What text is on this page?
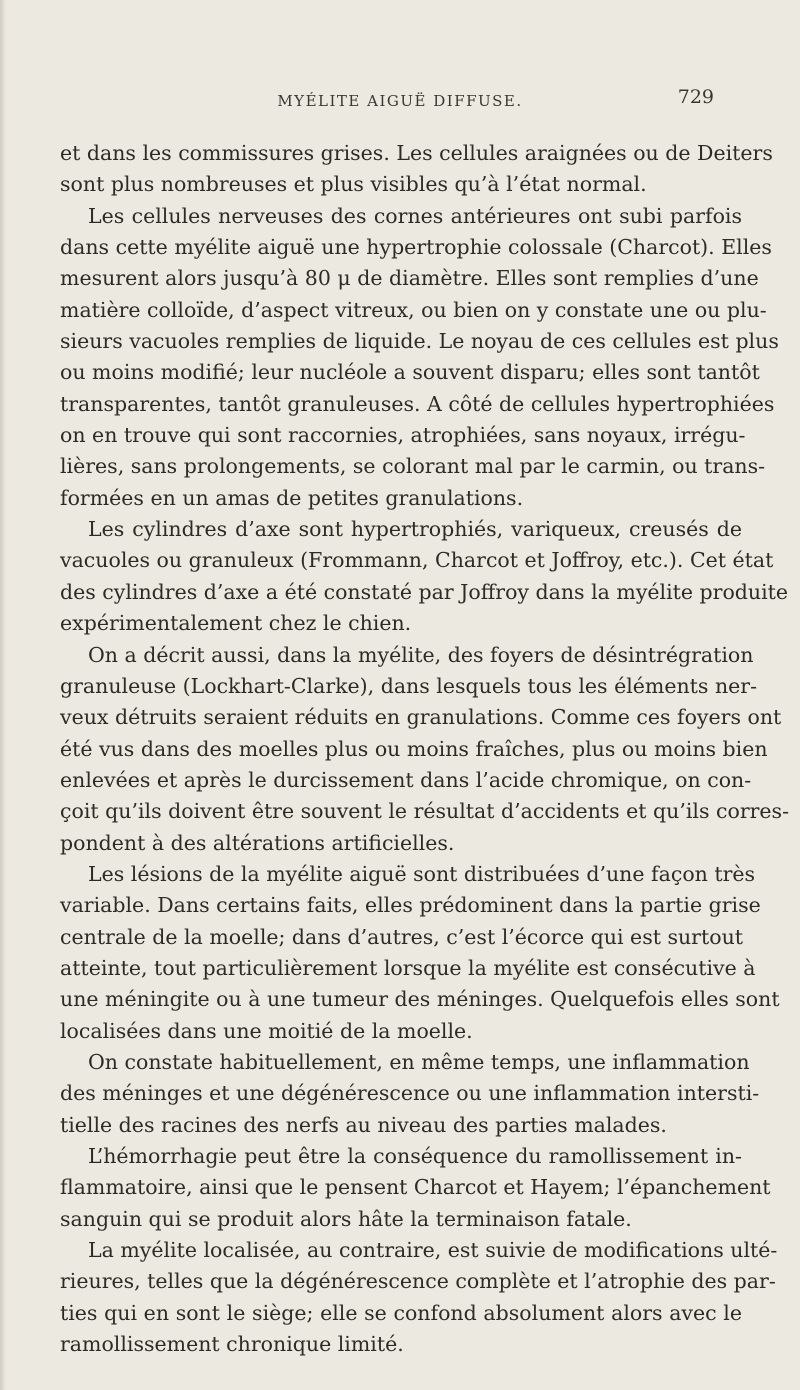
MYÉLITE AIGUË DIFFUSE.	729
et dans les commissures grises. Les cellules araignées ou de Deiters
sont plus nombreuses et plus visibles qu’à l’état normal.
Les cellules nerveuses des cornes antérieures ont subi parfois
dans cette myélite aiguë une hypertrophie colossale (Charcot). Elles
mesurent alors jusqu’à 80 μ de diamètre. Elles sont remplies d’une
matière colloïde, d’aspect vitreux, ou bien on y constate une ou plu-
sieurs vacuoles remplies de liquide. Le noyau de ces cellules est plus
ou moins modifié; leur nucléole a souvent disparu; elles sont tantôt
transparentes, tantôt granuleuses. A côté de cellules hypertrophiées
on en trouve qui sont raccornies, atrophiées, sans noyaux, irrégu-
lières, sans prolongements, se colorant mal par le carmin, ou trans-
formées en un amas de petites granulations.
Les cylindres d’axe sont hypertrophiés, variqueux, creusés de
vacuoles ou granuleux (Frommann, Charcot et Joffroy, etc.). Cet état
des cylindres d’axe a été constaté par Joffroy dans la myélite produite
expérimentalement chez le chien.
On a décrit aussi, dans la myélite, des foyers de désintrégration
granuleuse (Lockhart-Clarke), dans lesquels tous les éléments ner-
veux détruits seraient réduits en granulations. Comme ces foyers ont
été vus dans des moelles plus ou moins fraîches, plus ou moins bien
enlevées et après le durcissement dans l’acide chromique, on con-
çoit qu’ils doivent être souvent le résultat d’accidents et qu’ils corres-
pondent à des altérations artificielles.
Les lésions de la myélite aiguë sont distribuées d’une façon très
variable. Dans certains faits, elles prédominent dans la partie grise
centrale de la moelle; dans d’autres, c’est l’écorce qui est surtout
atteinte, tout particulièrement lorsque la myélite est consécutive à
une méningite ou à une tumeur des méninges. Quelquefois elles sont
localisées dans une moitié de la moelle.
On constate habituellement, en même temps, une inflammation
des méninges et une dégénérescence ou une inflammation intersti-
tielle des racines des nerfs au niveau des parties malades.
L’hémorrhagie peut être la conséquence du ramollissement in-
flammatoire, ainsi que le pensent Charcot et Hayem; l’épanchement
sanguin qui se produit alors hâte la terminaison fatale.
La myélite localisée, au contraire, est suivie de modifications ulté-
rieures, telles que la dégénérescence complète et l’atrophie des par-
ties qui en sont le siège; elle se confond absolument alors avec le
ramollissement chronique limité.
